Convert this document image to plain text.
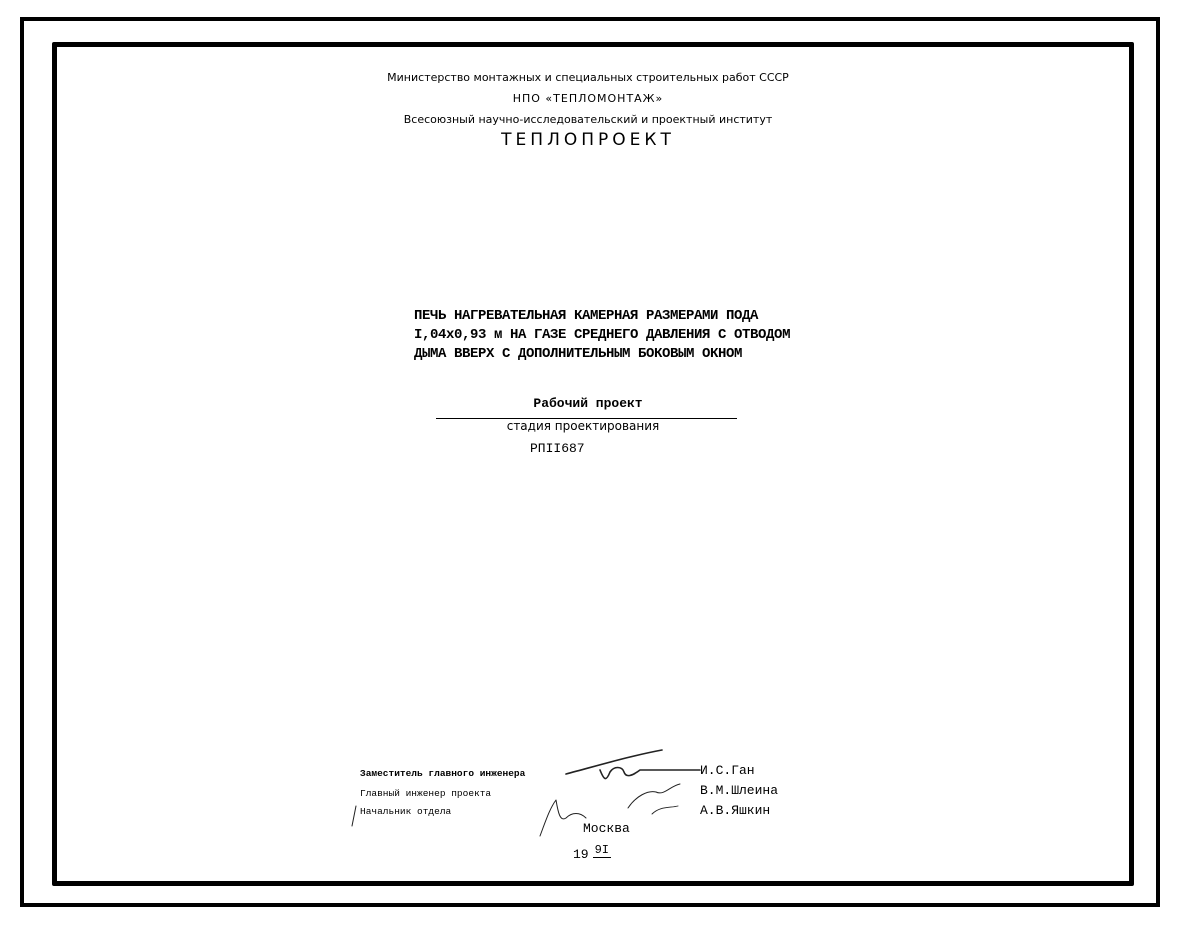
Министерство монтажных и специальных строительных работ СССР
НПО «ТЕПЛОМОНТАЖ»
Всесоюзный научно-исследовательский и проектный институт
ТЕПЛОПРОЕКТ
ПЕЧЬ НАГРЕВАТЕЛЬНАЯ КАМЕРНАЯ РАЗМЕРАМИ ПОДА
I,04х0,93 м НА ГАЗЕ СРЕДНЕГО ДАВЛЕНИЯ С ОТВОДОМ
ДЫМА ВВЕРХ С ДОПОЛНИТЕЛЬНЫМ БОКОВЫМ ОКНОМ
Рабочий проект
стадия проектирования
РПII687
Заместитель главного инженера
Главный инженер проекта
Начальник отдела
И.С.Ган
В.М.Шлеина
А.В.Яшкин
Москва
19 9I
